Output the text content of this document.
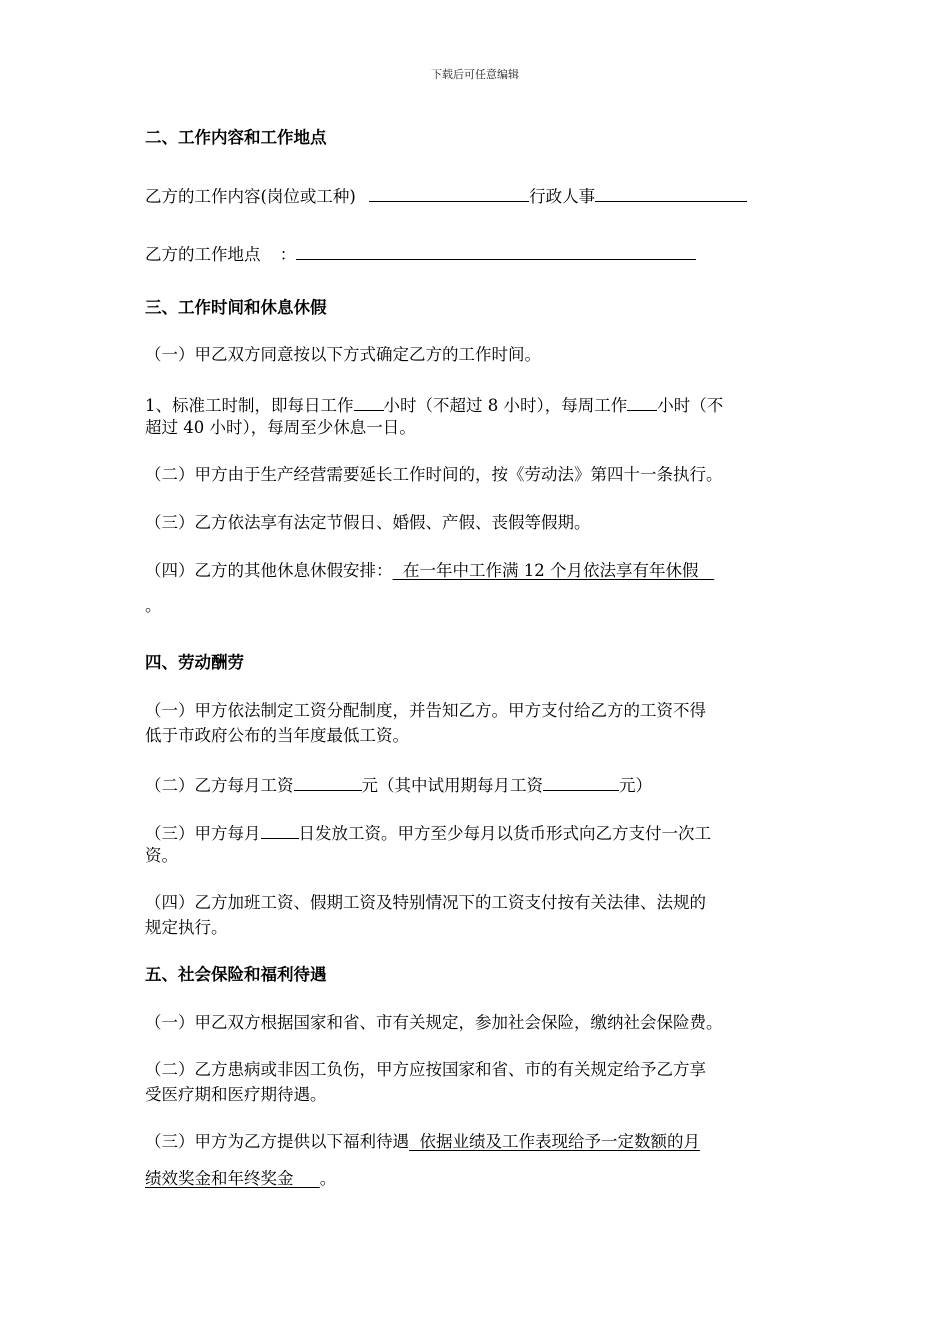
下载后可任意编辑
二、工作内容和工作地点
乙方的工作内容(岗位或工种)	行政人事
乙方的工作地点 ：
三、工作时间和休息休假
（一）甲乙双方同意按以下方式确定乙方的工作时间。
1、标准工时制，即每日工作 小时（不超过 8 小时），每周工作 小时（不
超过 40 小时），每周至少休息一日。
（二）甲方由于生产经营需要延长工作时间的，按《劳动法》第四十一条执行。
（三）乙方依法享有法定节假日、婚假、产假、丧假等假期。
（四）乙方的其他休息休假安排：  在一年中工作满 12 个月依法享有年休假
。
四、劳动酬劳
（一）甲方依法制定工资分配制度，并告知乙方。甲方支付给乙方的工资不得
低于市政府公布的当年度最低工资。
（二）乙方每月工资	元（其中试用期每月工资	元）
（三）甲方每月 日发放工资。甲方至少每月以货币形式向乙方支付一次工
资。
（四）乙方加班工资、假期工资及特别情况下的工资支付按有关法律、法规的
规定执行。
五、社会保险和福利待遇
（一）甲乙双方根据国家和省、市有关规定，参加社会保险，缴纳社会保险费。
（二）乙方患病或非因工负伤，甲方应按国家和省、市的有关规定给予乙方享
受医疗期和医疗期待遇。
（三）甲方为乙方提供以下福利待遇  依据业绩及工作表现给予一定数额的月
绩效奖金和年终奖金     。
